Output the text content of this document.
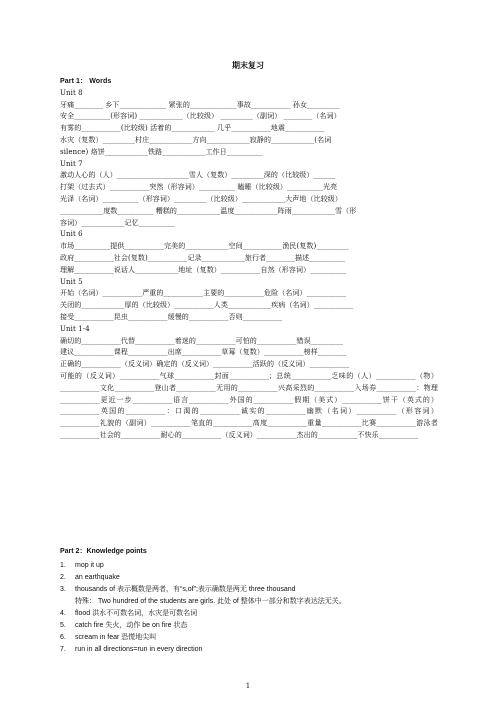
期末复习
Part 1： Words
Unit 8
牙痛________ 乡下_____________ 紧张的_____________事故___________ 孙女_________
安全__________(形容词) ____________（比较级） _________（副词） ________（名词）
有雾的___________(比较级) 活着的____________ 几乎___________地震___________
水灾（复数）_________村庄____________方向____________寂静的____________(名词
silence) 烙饼____________铁路____________工作日__________
Unit 7
激动人心的（人）____________________雪人（复数）_________深的（比较级）______
打架（过去式）___________突然（形容词）__________ 瞌睡（比较级）__________光亮
光泽（名词）__________（形容词）_________（比较级）____________大声地（比较级）
____________度数__________ 糟糕的____________温度____________阵雨____________雪（形
容词）____________记忆__________
Unit 6
市场__________提供___________完美的____________空间___________渔民(复数)_________
政府___________社会(复数)___________记录____________旅行者________描述__________
理解___________说话人____________地址（复数）___________自然（形容词）__________
Unit 5
开始（名词）___________严重的___________主要的___________危险（名词）___________
关闭的____________厚的（比较级）___________人类____________疾病（名词）___________
接受___________昆虫___________缓慢的___________否则___________
Unit 1-4
确切的___________代替___________着迷的___________可怕的___________错误_________
建议___________课程___________出席___________草莓（复数）___________榜样________
正确的___________（反义词）确定的（反义词）___________活跃的（反义词）___________
可能的（反义词）___________气球___________封面___________；总统___________乏味的（人）___________（物）___________文化___________登山者___________无用的___________兴高采烈的___________入场券___________：物理___________更近一步___________语言___________外国的___________假期（美式）___________饼干（英式的）___________英国的___________：口渴的___________诚实的___________幽默（名词）___________（形容词）___________礼貌的（副词）___________笔直的___________高度___________重量___________比赛___________游泳者___________社会的___________耐心的___________（反义词）___________杰出的___________不快乐___________
Part 2：Knowledge points
1. mop it up
2. an earthquake
3. thousands of 表示概数是两者，有“s,of”;表示确数是两无 three thousand
特殊： Two hundred of the students are girls. 此处 of 整体中一部分和数字表达法无关。
4. flood 洪水不可数名词，水灾是可数名词
5. catch fire 失火，动作 be on fire 状态
6. scream in fear 恐慌地尖叫
7. run in all directions=run in every direction
1
